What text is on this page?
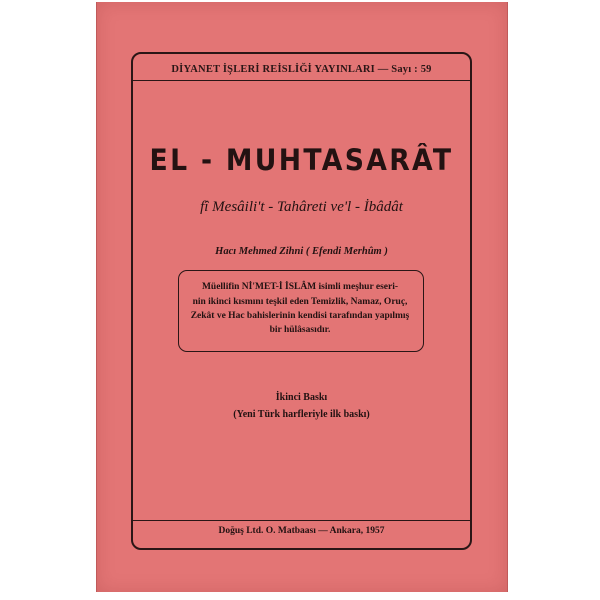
DİYANET İŞLERİ REİSLİĞİ YAYINLARI — Sayı : 59
EL - MUHTASARÂT
fî Mesâili't - Tahâreti ve'l - İbâdât
Hacı Mehmed Zihni ( Efendi Merhûm )
Müellifin Nİ'MET-İ İSLÂM isimli meşhur eseri-
nin ikinci kısmını teşkil eden Temizlik, Namaz, Oruç,
Zekât ve Hac bahislerinin kendisi tarafından yapılmış
bir hülâsasıdır.
İkinci Baskı
(Yeni Türk harfleriyle ilk baskı)
Doğuş Ltd. O. Matbaası — Ankara, 1957
